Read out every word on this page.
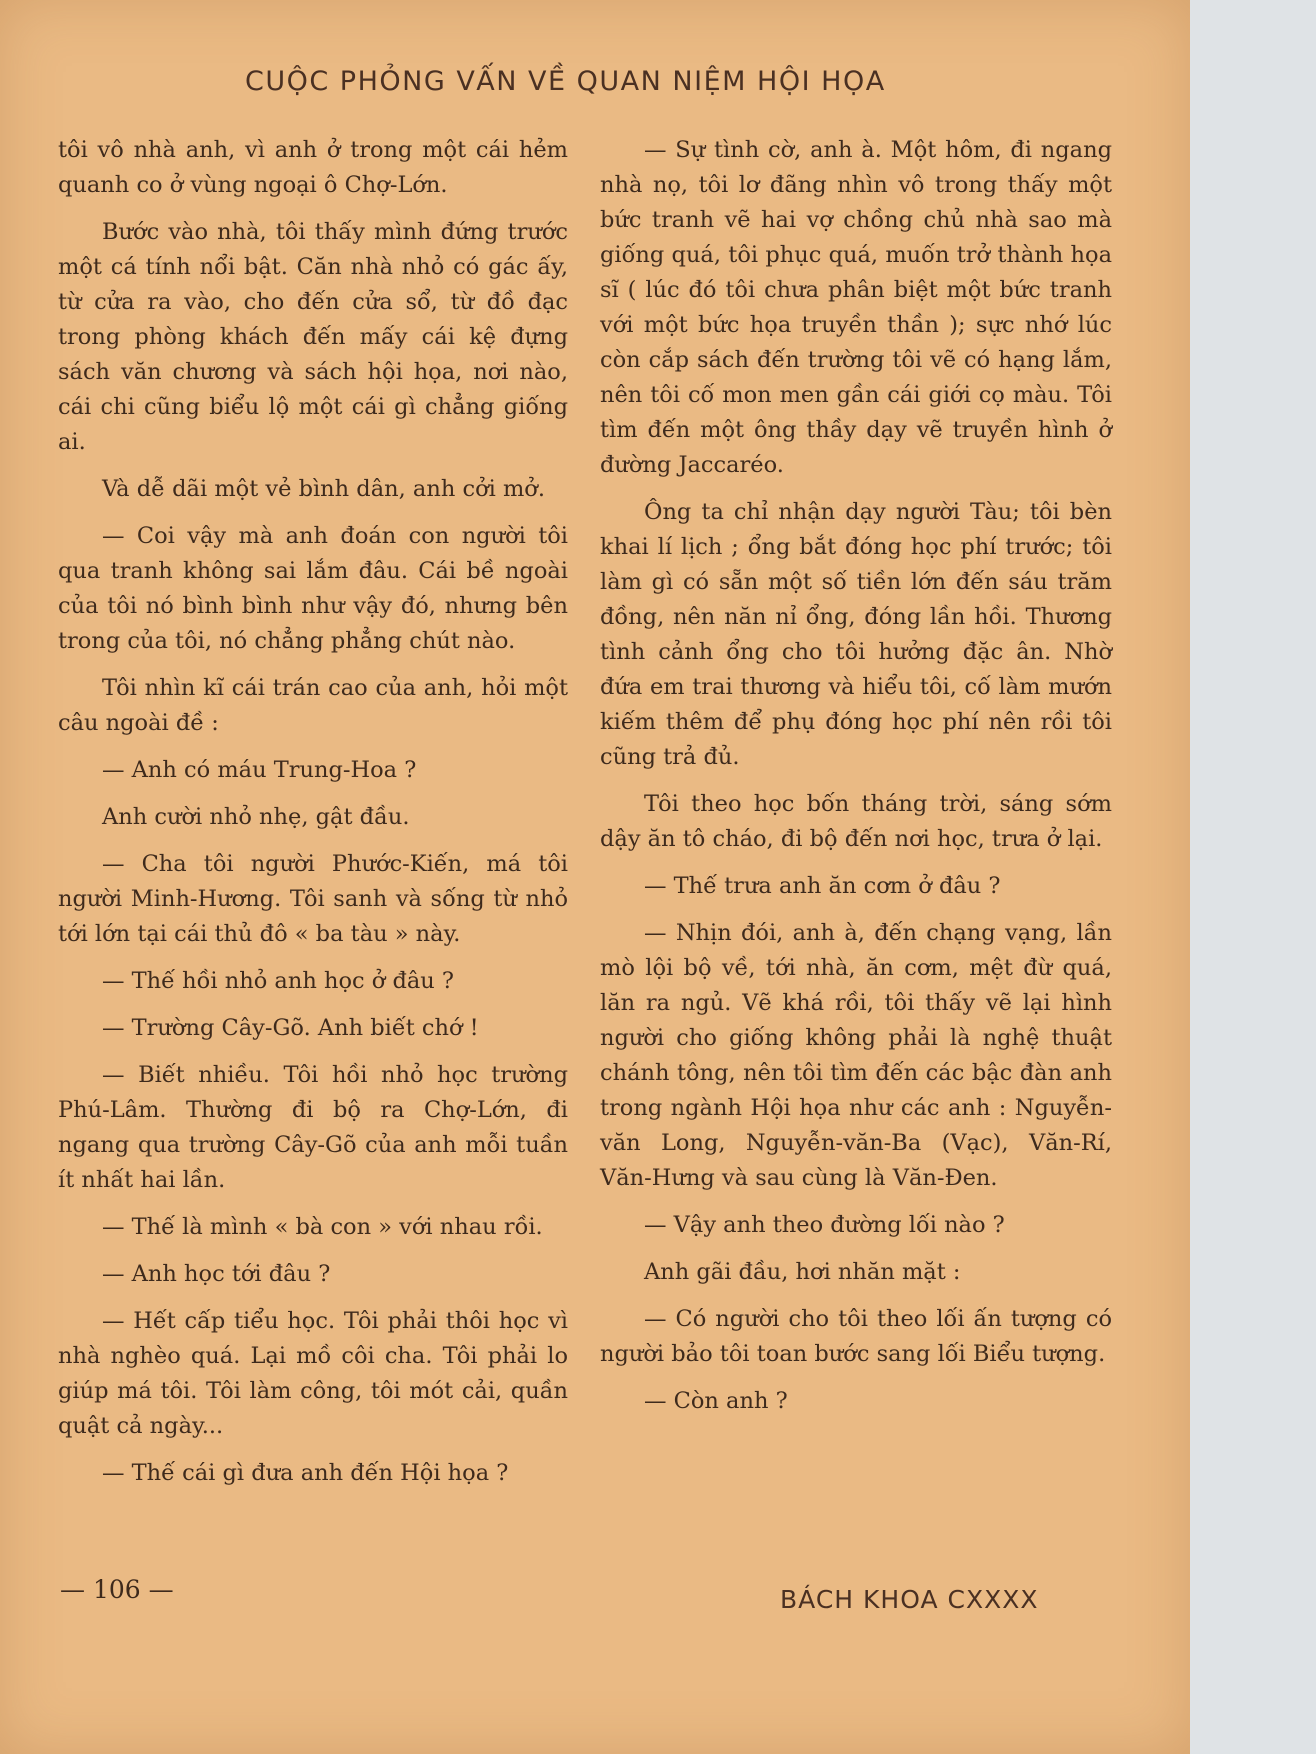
CUỘC PHỎNG VẤN VỀ QUAN NIỆM HỘI HỌA

tôi vô nhà anh, vì anh ở trong một cái hẻm quanh co ở vùng ngoại ô Chợ-Lớn.

Bước vào nhà, tôi thấy mình đứng trước một cá tính nổi bật. Căn nhà nhỏ có gác ấy, từ cửa ra vào, cho đến cửa sổ, từ đồ đạc trong phòng khách đến mấy cái kệ đựng sách văn chương và sách hội họa, nơi nào, cái chi cũng biểu lộ một cái gì chẳng giống ai.

Và dễ dãi một vẻ bình dân, anh cởi mở.

— Coi vậy mà anh đoán con người tôi qua tranh không sai lắm đâu. Cái bề ngoài của tôi nó bình bình như vậy đó, nhưng bên trong của tôi, nó chẳng phẳng chút nào.

Tôi nhìn kĩ cái trán cao của anh, hỏi một câu ngoài đề :

— Anh có máu Trung-Hoa ?

Anh cười nhỏ nhẹ, gật đầu.

— Cha tôi người Phước-Kiến, má tôi người Minh-Hương. Tôi sanh và sống từ nhỏ tới lớn tại cái thủ đô « ba tàu » này.

— Thế hồi nhỏ anh học ở đâu ?

— Trường Cây-Gõ. Anh biết chớ !

— Biết nhiều. Tôi hồi nhỏ học trường Phú-Lâm. Thường đi bộ ra Chợ-Lớn, đi ngang qua trường Cây-Gõ của anh mỗi tuần ít nhất hai lần.

— Thế là mình « bà con » với nhau rồi.

— Anh học tới đâu ?

— Hết cấp tiểu học. Tôi phải thôi học vì nhà nghèo quá. Lại mồ côi cha. Tôi phải lo giúp má tôi. Tôi làm công, tôi mót cải, quần quật cả ngày...

— Thế cái gì đưa anh đến Hội họa ?

— Sự tình cờ, anh à. Một hôm, đi ngang nhà nọ, tôi lơ đãng nhìn vô trong thấy một bức tranh vẽ hai vợ chồng chủ nhà sao mà giống quá, tôi phục quá, muốn trở thành họa sĩ ( lúc đó tôi chưa phân biệt một bức tranh với một bức họa truyền thần ); sực nhớ lúc còn cắp sách đến trường tôi vẽ có hạng lắm, nên tôi cố mon men gần cái giới cọ màu. Tôi tìm đến một ông thầy dạy vẽ truyền hình ở đường Jaccaréo.

Ông ta chỉ nhận dạy người Tàu; tôi bèn khai lí lịch ; ổng bắt đóng học phí trước; tôi làm gì có sẵn một số tiền lớn đến sáu trăm đồng, nên năn nỉ ổng, đóng lần hồi. Thương tình cảnh ổng cho tôi hưởng đặc ân. Nhờ đứa em trai thương và hiểu tôi, cố làm mướn kiếm thêm để phụ đóng học phí nên rồi tôi cũng trả đủ.

Tôi theo học bốn tháng trời, sáng sớm dậy ăn tô cháo, đi bộ đến nơi học, trưa ở lại.

— Thế trưa anh ăn cơm ở đâu ?

— Nhịn đói, anh à, đến chạng vạng, lần mò lội bộ về, tới nhà, ăn cơm, mệt đừ quá, lăn ra ngủ. Vẽ khá rồi, tôi thấy vẽ lại hình người cho giống không phải là nghệ thuật chánh tông, nên tôi tìm đến các bậc đàn anh trong ngành Hội họa như các anh : Nguyễn-văn Long, Nguyễn-văn-Ba (Vạc), Văn-Rí, Văn-Hưng và sau cùng là Văn-Đen.

— Vậy anh theo đường lối nào ?

Anh gãi đầu, hơi nhăn mặt :

— Có người cho tôi theo lối ấn tượng có người bảo tôi toan bước sang lối Biểu tượng.

— Còn anh ?

— 106 —	BÁCH KHOA CXXXX
